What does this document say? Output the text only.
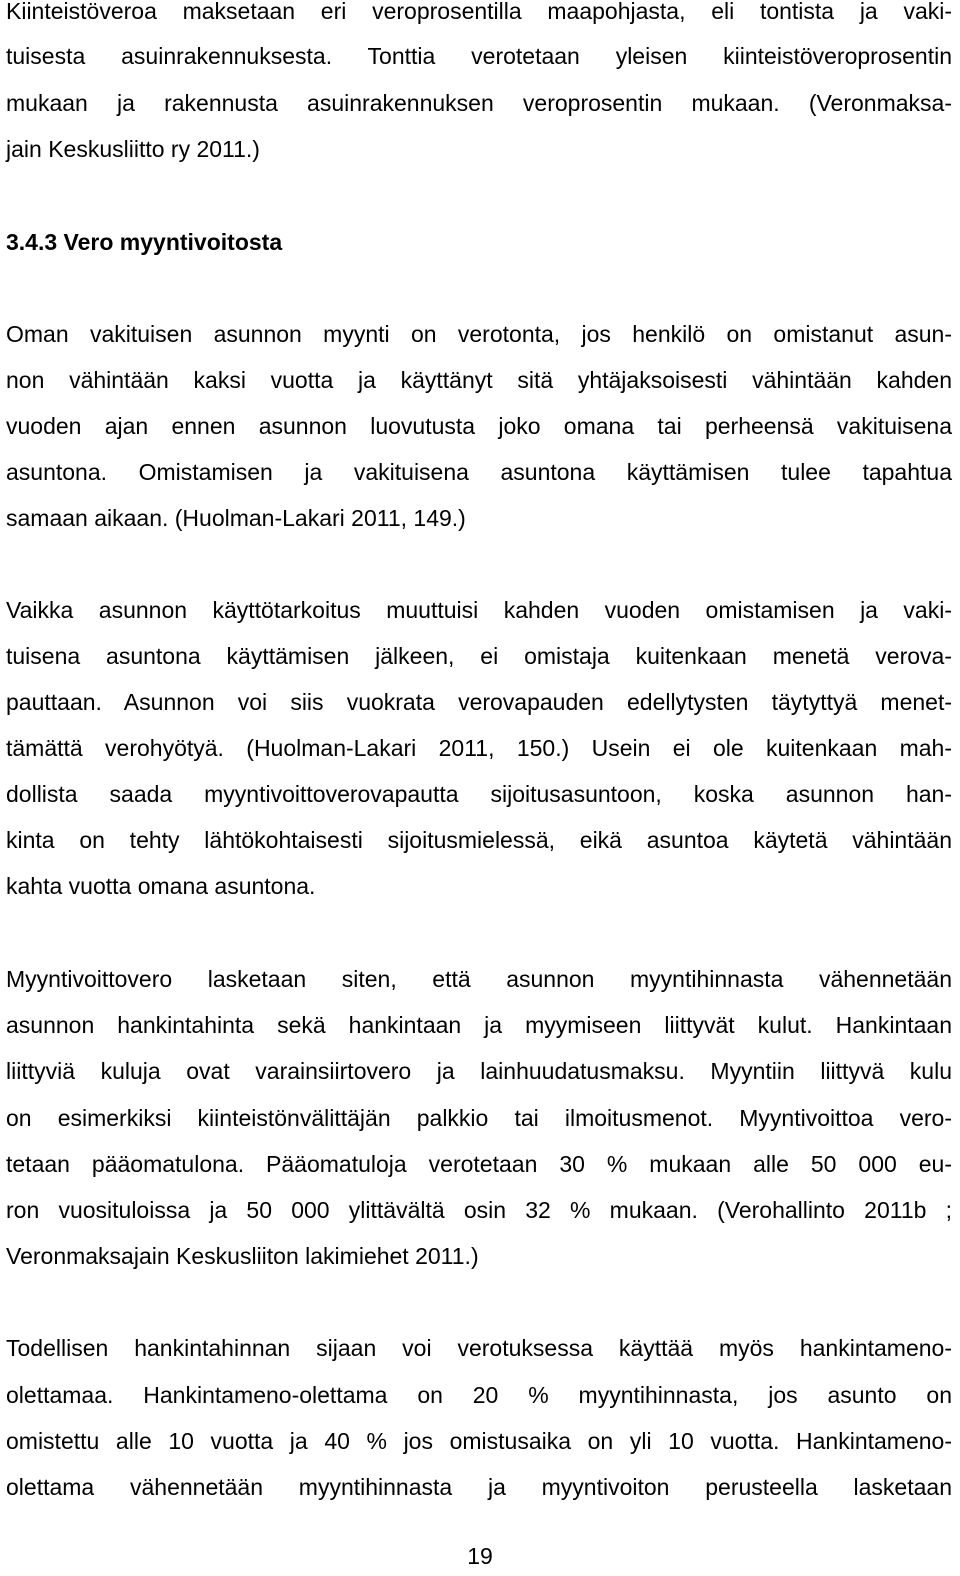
Kiinteistöveroa maksetaan eri veroprosentilla maapohjasta, eli tontista ja vaki-
tuisesta asuinrakennuksesta. Tonttia verotetaan yleisen kiinteistöveroprosentin
mukaan ja rakennusta asuinrakennuksen veroprosentin mukaan. (Veronmaksa-
jain Keskusliitto ry 2011.)
3.4.3 Vero myyntivoitosta
Oman vakituisen asunnon myynti on verotonta, jos henkilö on omistanut asun-
non vähintään kaksi vuotta ja käyttänyt sitä yhtäjaksoisesti vähintään kahden
vuoden ajan ennen asunnon luovutusta joko omana tai perheensä vakituisena
asuntona. Omistamisen ja vakituisena asuntona käyttämisen tulee tapahtua
samaan aikaan. (Huolman-Lakari 2011, 149.)
Vaikka asunnon käyttötarkoitus muuttuisi kahden vuoden omistamisen ja vaki-
tuisena asuntona käyttämisen jälkeen, ei omistaja kuitenkaan menetä verova-
pauttaan. Asunnon voi siis vuokrata verovapauden edellytysten täytyttyä menet-
tämättä verohyötyä. (Huolman-Lakari 2011, 150.) Usein ei ole kuitenkaan mah-
dollista saada myyntivoittoverovapautta sijoitusasuntoon, koska asunnon han-
kinta on tehty lähtökohtaisesti sijoitusmielessä, eikä asuntoa käytetä vähintään
kahta vuotta omana asuntona.
Myyntivoittovero lasketaan siten, että asunnon myyntihinnasta vähennetään
asunnon hankintahinta sekä hankintaan ja myymiseen liittyvät kulut. Hankintaan
liittyviä kuluja ovat varainsiirtovero ja lainhuudatusmaksu. Myyntiin liittyvä kulu
on esimerkiksi kiinteistönvälittäjän palkkio tai ilmoitusmenot. Myyntivoittoa vero-
tetaan pääomatulona. Pääomatuloja verotetaan 30 % mukaan alle 50 000 eu-
ron vuosituloissa ja 50 000 ylittävältä osin 32 % mukaan. (Verohallinto 2011b ;
Veronmaksajain Keskusliiton lakimiehet 2011.)
Todellisen hankintahinnan sijaan voi verotuksessa käyttää myös hankintameno-
olettamaa. Hankintameno-olettama on 20 % myyntihinnasta, jos asunto on
omistettu alle 10 vuotta ja 40 % jos omistusaika on yli 10 vuotta. Hankintameno-
olettama vähennetään myyntihinnasta ja myyntivoiton perusteella lasketaan
19
